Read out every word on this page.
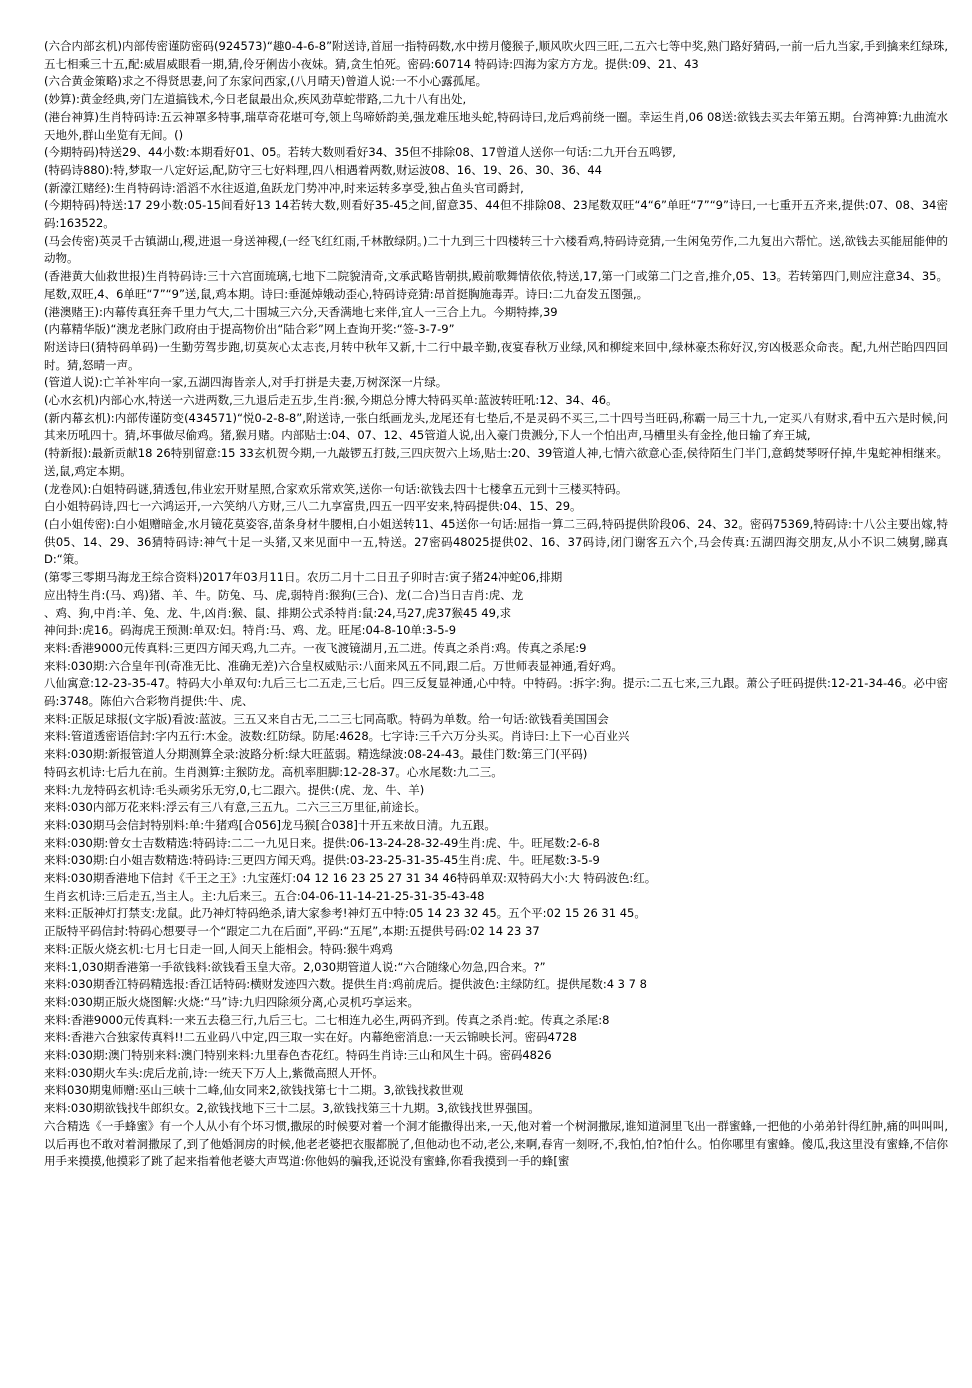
(六合内部玄机)内部传密谨防密码(924573)“趣0-4-6-8”附送诗,首屈一指特码数,水中捞月傻猴子,顺风吹火四三旺,二五六七等中奖,熟门路好猜码,一前一后九当家,手到擒来红绿珠,五七相乘三十五,配:威眉威眼看一期,猜,伶牙俐齿小夜妹。猜,贪生怕死。密码:60714 特码诗:四海为家方方龙。提供:09、21、43

(六合黄金策略)求之不得贤思妻,问了东家问西家,(八月晴天)曾道人说:一不小心露孤尾。

(妙算):黄金经典,旁门左道搞钱术,今日老鼠最出众,疾风劲草蛇带路,二九十八有出处,

(港台神算)生肖特码诗:五云神罩多特事,瑞草奇花堪可夸,领上鸟啼娇韵美,强龙难压地头蛇,特码诗曰,龙后鸡前绕一圈。幸运生肖,06 08送:欲钱去买去年第五期。台湾神算:九曲流水天地外,群山坐览有无间。()

(今期特码)特送29、44小数:本期看好01、05。若转大数则看好34、35但不排除08、17曾道人送你一句话:二九开台五鸣锣,

(特码诗880):特,梦取一八定好运,配,防守三七好料理,四八相遇着两数,财运波08、16、19、26、30、36、44

(新濠江赌经):生肖特码诗:滔滔不水往返道,鱼跃龙门势冲冲,时来运转多享受,独占鱼头官司爵封,

(今期特码)特送:17 29小数:05-15间看好13 14若转大数,则看好35-45之间,留意35、44但不排除08、23尾数双旺“4“6”单旺“7”“9”诗曰,一七重开五齐来,提供:07、08、34密码:163522。

(马会传密)英灵千古镇湖山,稷,进退一身送神稷,(一经飞红红雨,千林散绿阴。)二十九到三十四楼转三十六楼看鸡,特码诗竞猜,一生闲兔劳作,二九复出六帮忙。送,欲钱去买能屈能伸的动物。

(香港黄大仙救世报)生肖特码诗:三十六宫面琉璃,七地下二院貌清奇,文承武略皆朝拱,殿前歌舞情依依,特送,17,第一门或第二门之音,推介,05、13。若转第四门,则应注意34、35。尾数,双旺,4、6单旺“7”“9”送,鼠,鸡本期。诗曰:垂涎焯娥动歪心,特码诗竞猜:昂首挺胸施毒弄。诗曰:二九奋发五图强,。

(港澳赌王):内幕传真狂奔千里力气大,二十围城三六分,天香满地七来伴,宜人一三合上九。今期特捧,39

(内幕精华版)“澳龙老脉门政府由于提高物价出“陆合彩”网上查询开奖:“签-3-7-9”

附送诗曰(猜特码单码)一生勤劳驾步跑,切莫灰心太志丧,月转中秋年又新,十二行中最辛勤,夜宴春秋万业绿,风和柳绽来回中,绿林豪杰称好汉,穷凶极恶众命丧。配,九州芒眙四四回时。猜,怒晴一声。

(管道人说):亡羊补牢向一家,五湖四海皆亲人,对手打拼是夫妻,万树深深一片绿。

(心水玄机)内部心水,特送一六进两数,三九退后走五步,生肖:猴,今期总分博大特码买单:蓝波转旺吼:12、34、46。

(新内幕玄机):内部传谨防变(434571)“悦0-2-8-8”,附送诗,一张白纸画龙头,龙尾还有七垫后,不是灵码不买三,二十四号当旺码,称霸一局三十九,一定买八有财求,看中五六是时候,问其来历吼四十。猜,坏事做尽偷鸡。猪,猴月赌。内部贴士:04、07、12、45管道人说,出入豪门贵溅分,下人一个怕出声,马槽里头有金拴,他日输了弃王城,

(特新报):最新贡献18 26特别留意:15 33玄机贺今期,一九敲锣五打鼓,三四庆贺六上场,贴士:20、39管道人神,七情六欲意心歪,侯待陌生门半门,意鹤焚琴呀仔掉,牛鬼蛇神相继来。送,鼠,鸡定本期。

(龙卷风):白姐特码谜,猜透包,伟业宏开财星照,合家欢乐常欢笑,送你一句话:欲钱去四十七楼拿五元到十三楼买特码。

白小姐特码诗,四七一六鸿运开,一六笑纳八方财,三八二九享富贵,四五一四平安来,特码提供:04、15、29。

(白小姐传密):白小姐赠暗金,水月镜花莫姿容,苗条身材牛腰相,白小姐送转11、45送你一句话:屈指一算二三码,特码提供阶段06、24、32。密码75369,特码诗:十八公主要出嫁,特供05、14、29、36猜特码诗:神气十足一头猪,又来见面中一五,特送。27密码48025提供02、16、37码诗,闭门谢客五六个,马会传真:五湖四海交朋友,从小不识二姨舅,睇真D:“策。

(第零三零期马海龙王综合资料)2017年03月11日。农历二月十二日丑子卯时吉:寅子猪24冲蛇06,排期

应出特生肖:(马、鸡)猪、羊、牛。防兔、马、虎,弱特肖:猴狗(三合)、龙(二合)当日吉肖:虎、龙

、鸡、狗,中肖:羊、兔、龙、牛,凶肖:猴、鼠、排期公式杀特肖:鼠:24,马27,虎37猴45 49,求

神问卦:虎16。码海虎王预测:单双:妇。特肖:马、鸡、龙。旺尾:04-8-10单:3-5-9

来料:香港9000元传真料:三更四方闻天鸡,九二卉。一夜飞渡镜湖月,五二进。传真之杀肖:鸡。传真之杀尾:9

来料:030期:六合皇年刊(奇准无比、准确无差)六合皇权威贴示:八面来风五不同,跟二后。万世师表显神通,看好鸡。

八仙寓意:12-23-35-47。特码大小单双句:九后三七二五走,三七后。四三反复显神通,心中特。中特码。:拆字:狗。提示:二五七来,三九跟。萧公子旺码提供:12-21-34-46。必中密码:3748。陈伯六合彩物肖提供:牛、虎、

来料:正版足球报(文字版)看波:蓝波。三五又来自古无,二二三七同高歌。特码为单数。给一句话:欲钱看美国国会

来料:管道透密语信封:字内五行:木金。波数:红防绿。防尾:4628。七字诗:三千六万分头买。肖诗曰:上下一心百业兴

来料:030期:新报管道人分期测算全录:波路分析:绿大旺蓝弱。精选绿波:08-24-43。最佳门数:第三门(平码)

特码玄机诗:七后九在前。生肖测算:主猴防龙。高机率胆脚:12-28-37。心水尾数:九二三。

来料:九龙特码玄机诗:毛头顽劣乐无穷,0,七二跟六。提供:(虎、龙、牛、羊)

来料:030内部万花来料:浮云有三八有意,三五九。二六三三万里征,前途长。

来料:030期马会信封特别料:单:牛猪鸡[合056]龙马猴[合038]十开五来故日清。九五跟。

来料:030期:曾女士吉数精选:特码诗:二二一九见日来。提供:06-13-24-28-32-49生肖:虎、牛。旺尾数:2-6-8

来料:030期:白小姐吉数精选:特码诗:三更四方闻天鸡。提供:03-23-25-31-35-45生肖:虎、牛。旺尾数:3-5-9

来料:030期香港地下信封《千王之王》:九宝莲灯:04 12 16 23 25 27 31 34 46特码单双:双特码大小:大 特码波色:红。

生肖玄机诗:三后走五,当主人。主:九后来三。五合:04-06-11-14-21-25-31-35-43-48

来料:正版神灯打禁支:龙鼠。此乃神灯特码绝杀,请大家参考!神灯五中特:05 14 23 32 45。五个平:02 15 26 31 45。

正版特平码信封:特码心想要寻一个“跟定二九在后面”,平码:“五尾”,本期:五提供号码:02 14 23 37

来料:正版火烧玄机:七月七日走一回,人间天上能相会。特码:猴牛鸡鸡

来料:1,030期香港第一手欲钱料:欲钱看玉皇大帝。2,030期管道人说:“六合随缘心勿急,四合来。?”

来料:030期香江特码精选报:香江话特码:横财发迹四六数。提供生肖:鸡前虎后。提供波色:主绿防红。提供尾数:4 3 7 8

来料:030期正版火烧图解:火烧:“马”诗:九归四除须分离,心灵机巧享运来。

来料:香港9000元传真料:一来五去稳三行,九后三七。二七相连九必生,两码齐到。传真之杀肖:蛇。传真之杀尾:8

来料:香港六合独家传真料!!二五业码八中定,四三取一实在好。内幕绝密消息:一天云锦映长河。密码4728

来料:030期:澳门特别来料:澳门特别来料:九里春色杏花红。特码生肖诗:三山和风生十码。密码4826

来料:030期火车头:虎后龙前,诗:一统天下万人上,紫微高照人开怀。

来料030期鬼师赠:巫山三峡十二峰,仙女同来2,欲钱找第七十二期。3,欲钱找救世观

来料:030期欲钱找牛郎织女。2,欲钱找地下三十二层。3,欲钱找第三十九期。3,欲钱找世界强国。

六合精选《一手蜂蜜》有一个人从小有个坏习惯,撒尿的时候要对着一个洞才能撒得出来,一天,他对着一个树洞撒尿,谁知道洞里飞出一群蜜蜂,一把他的小弟弟针得红肿,痛的叫叫叫,以后再也不敢对着洞撒尿了,到了他婚洞房的时候,他老老婆把衣服都脱了,但他动也不动,老公,来啊,春宵一刻呀,不,我怕,怕?怕什么。怕你哪里有蜜蜂。傻瓜,我这里没有蜜蜂,不信你用手来摸摸,他摸彩了跳了起来指着他老婆大声骂道:你他妈的骗我,还说没有蜜蜂,你看我摸到一手的蜂[蜜
